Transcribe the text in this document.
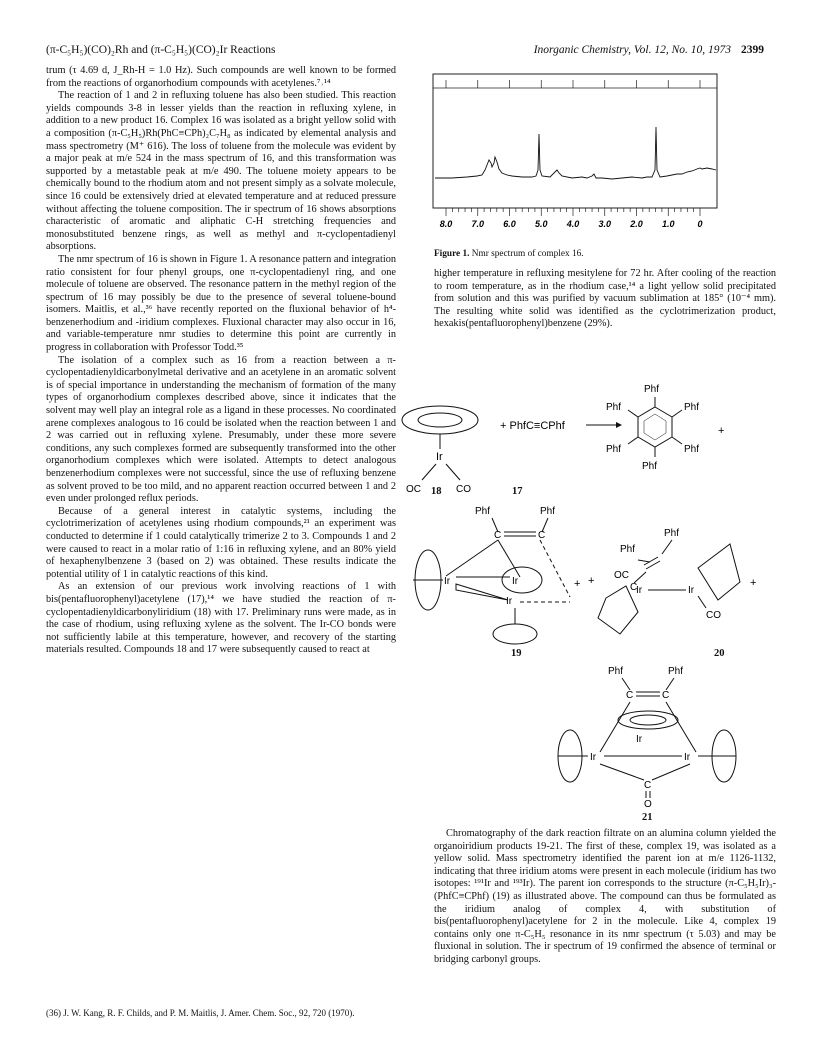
(π-C₅H₅)(CO)₂Rh and (π-C₅H₅)(CO)₂Ir Reactions	Inorganic Chemistry, Vol. 12, No. 10, 1973 2399

trum (τ 4.69 d, J_Rh-H = 1.0 Hz). Such compounds are well known to be formed from the reactions of organorhodium compounds with acetylenes.⁷˒¹⁴

The reaction of 1 and 2 in refluxing toluene has also been studied. This reaction yields compounds 3-8 in lesser yields than the reaction in refluxing xylene, in addition to a new product 16. Complex 16 was isolated as a bright yellow solid with a composition (π-C₅H₅)Rh(PhC≡CPh)₂C₇H₈ as indicated by elemental analysis and mass spectrometry (M⁺ 616). The loss of toluene from the molecule was evident by a major peak at m/e 524 in the mass spectrum of 16, and this transformation was supported by a metastable peak at m/e 490. The toluene moiety appears to be chemically bound to the rhodium atom and not present simply as a solvate molecule, since 16 could be extensively dried at elevated temperature and at reduced pressure without affecting the toluene composition. The ir spectrum of 16 shows absorptions characteristic of aromatic and aliphatic C-H stretching frequencies and monosubstituted benzene rings, as well as methyl and π-cyclopentadienyl absorptions.

The nmr spectrum of 16 is shown in Figure 1. A resonance pattern and integration ratio consistent for four phenyl groups, one π-cyclopentadienyl ring, and one molecule of toluene are observed. The resonance pattern in the methyl region of the spectrum of 16 may possibly be due to the presence of several toluene-bound isomers. Maitlis, et al.,³⁶ have recently reported on the fluxional behavior of h⁴-benzenerhodium and -iridium complexes. Fluxional character may also occur in 16, and variable-temperature nmr studies to determine this point are currently in progress in collaboration with Professor Todd.³⁵

The isolation of a complex such as 16 from a reaction between a π-cyclopentadienyldicarbonylmetal derivative and an acetylene in an aromatic solvent is of special importance in understanding the mechanism of formation of the many types of organorhodium complexes described above, since it indicates that the solvent may well play an integral role as a ligand in these processes. No coordinated arene complexes analogous to 16 could be isolated when the reaction between 1 and 2 was carried out in refluxing xylene. Presumably, under these more severe conditions, any such complexes formed are subsequently transformed into the other organorhodium complexes which were isolated. Attempts to detect analogous benzenerhodium complexes were not successful, since the use of refluxing benzene as solvent proved to be too mild, and no apparent reaction occurred between 1 and 2 even under prolonged reflux periods.

Because of a general interest in catalytic systems, including the cyclotrimerization of acetylenes using rhodium compounds,²¹ an experiment was conducted to determine if 1 could catalytically trimerize 2 to 3. Compounds 1 and 2 were caused to react in a molar ratio of 1:16 in refluxing xylene, and an 80% yield of hexaphenylbenzene 3 (based on 2) was obtained. These results indicate the potential utility of 1 in catalytic reactions of this kind.

As an extension of our previous work involving reactions of 1 with bis(pentafluorophenyl)acetylene (17),¹⁴ we have studied the reaction of π-cyclopentadienyldicarbonyliridium (18) with 17. Preliminary runs were made, as in the case of rhodium, using refluxing xylene as the solvent. The Ir-CO bonds were not sufficiently labile at this temperature, however, and recovery of the starting materials resulted. Compounds 18 and 17 were subsequently caused to react at

(36) J. W. Kang, R. F. Childs, and P. M. Maitlis, J. Amer. Chem. Soc., 92, 720 (1970).
8.0 7.0 6.0 5.0 4.0 3.0 2.0 1.0	0
Figure 1. Nmr spectrum of complex 16.

higher temperature in refluxing mesitylene for 72 hr. After cooling of the reaction to room temperature, as in the rhodium case,¹⁴ a light yellow solid precipitated from solution and this was purified by vacuum sublimation at 185° (10⁻⁴ mm). The resulting white solid was identified as the cyclotrimerization product, hexakis(pentafluorophenyl)benzene (29%).

Ir
OC	CO
+ PhfC≡CPhf
Phf
Phf
Phf
Phf
Phf
Phf
+
Phf	Phf
C	C
Ir	Ir
Ir
+
Phf
Phf
OC
C
Ir	Ir
CO
+
+
Phf	Phf
C	C
Ir
Ir	Ir
C
O
18	17
19	20
21

Chromatography of the dark reaction filtrate on an alumina column yielded the organoiridium products 19-21. The first of these, complex 19, was isolated as a yellow solid. Mass spectrometry identified the parent ion at m/e 1126-1132, indicating that three iridium atoms were present in each molecule (iridium has two isotopes: ¹⁹¹Ir and ¹⁹³Ir). The parent ion corresponds to the structure (π-C₅H₅Ir)₃-(PhfC≡CPhf) (19) as illustrated above. The compound can thus be formulated as the iridium analog of complex 4, with substitution of bis(pentafluorophenyl)acetylene for 2 in the molecule. Like 4, complex 19 contains only one π-C₅H₅ resonance in its nmr spectrum (τ 5.03) and may be fluxional in solution. The ir spectrum of 19 confirmed the absence of terminal or bridging carbonyl groups.
